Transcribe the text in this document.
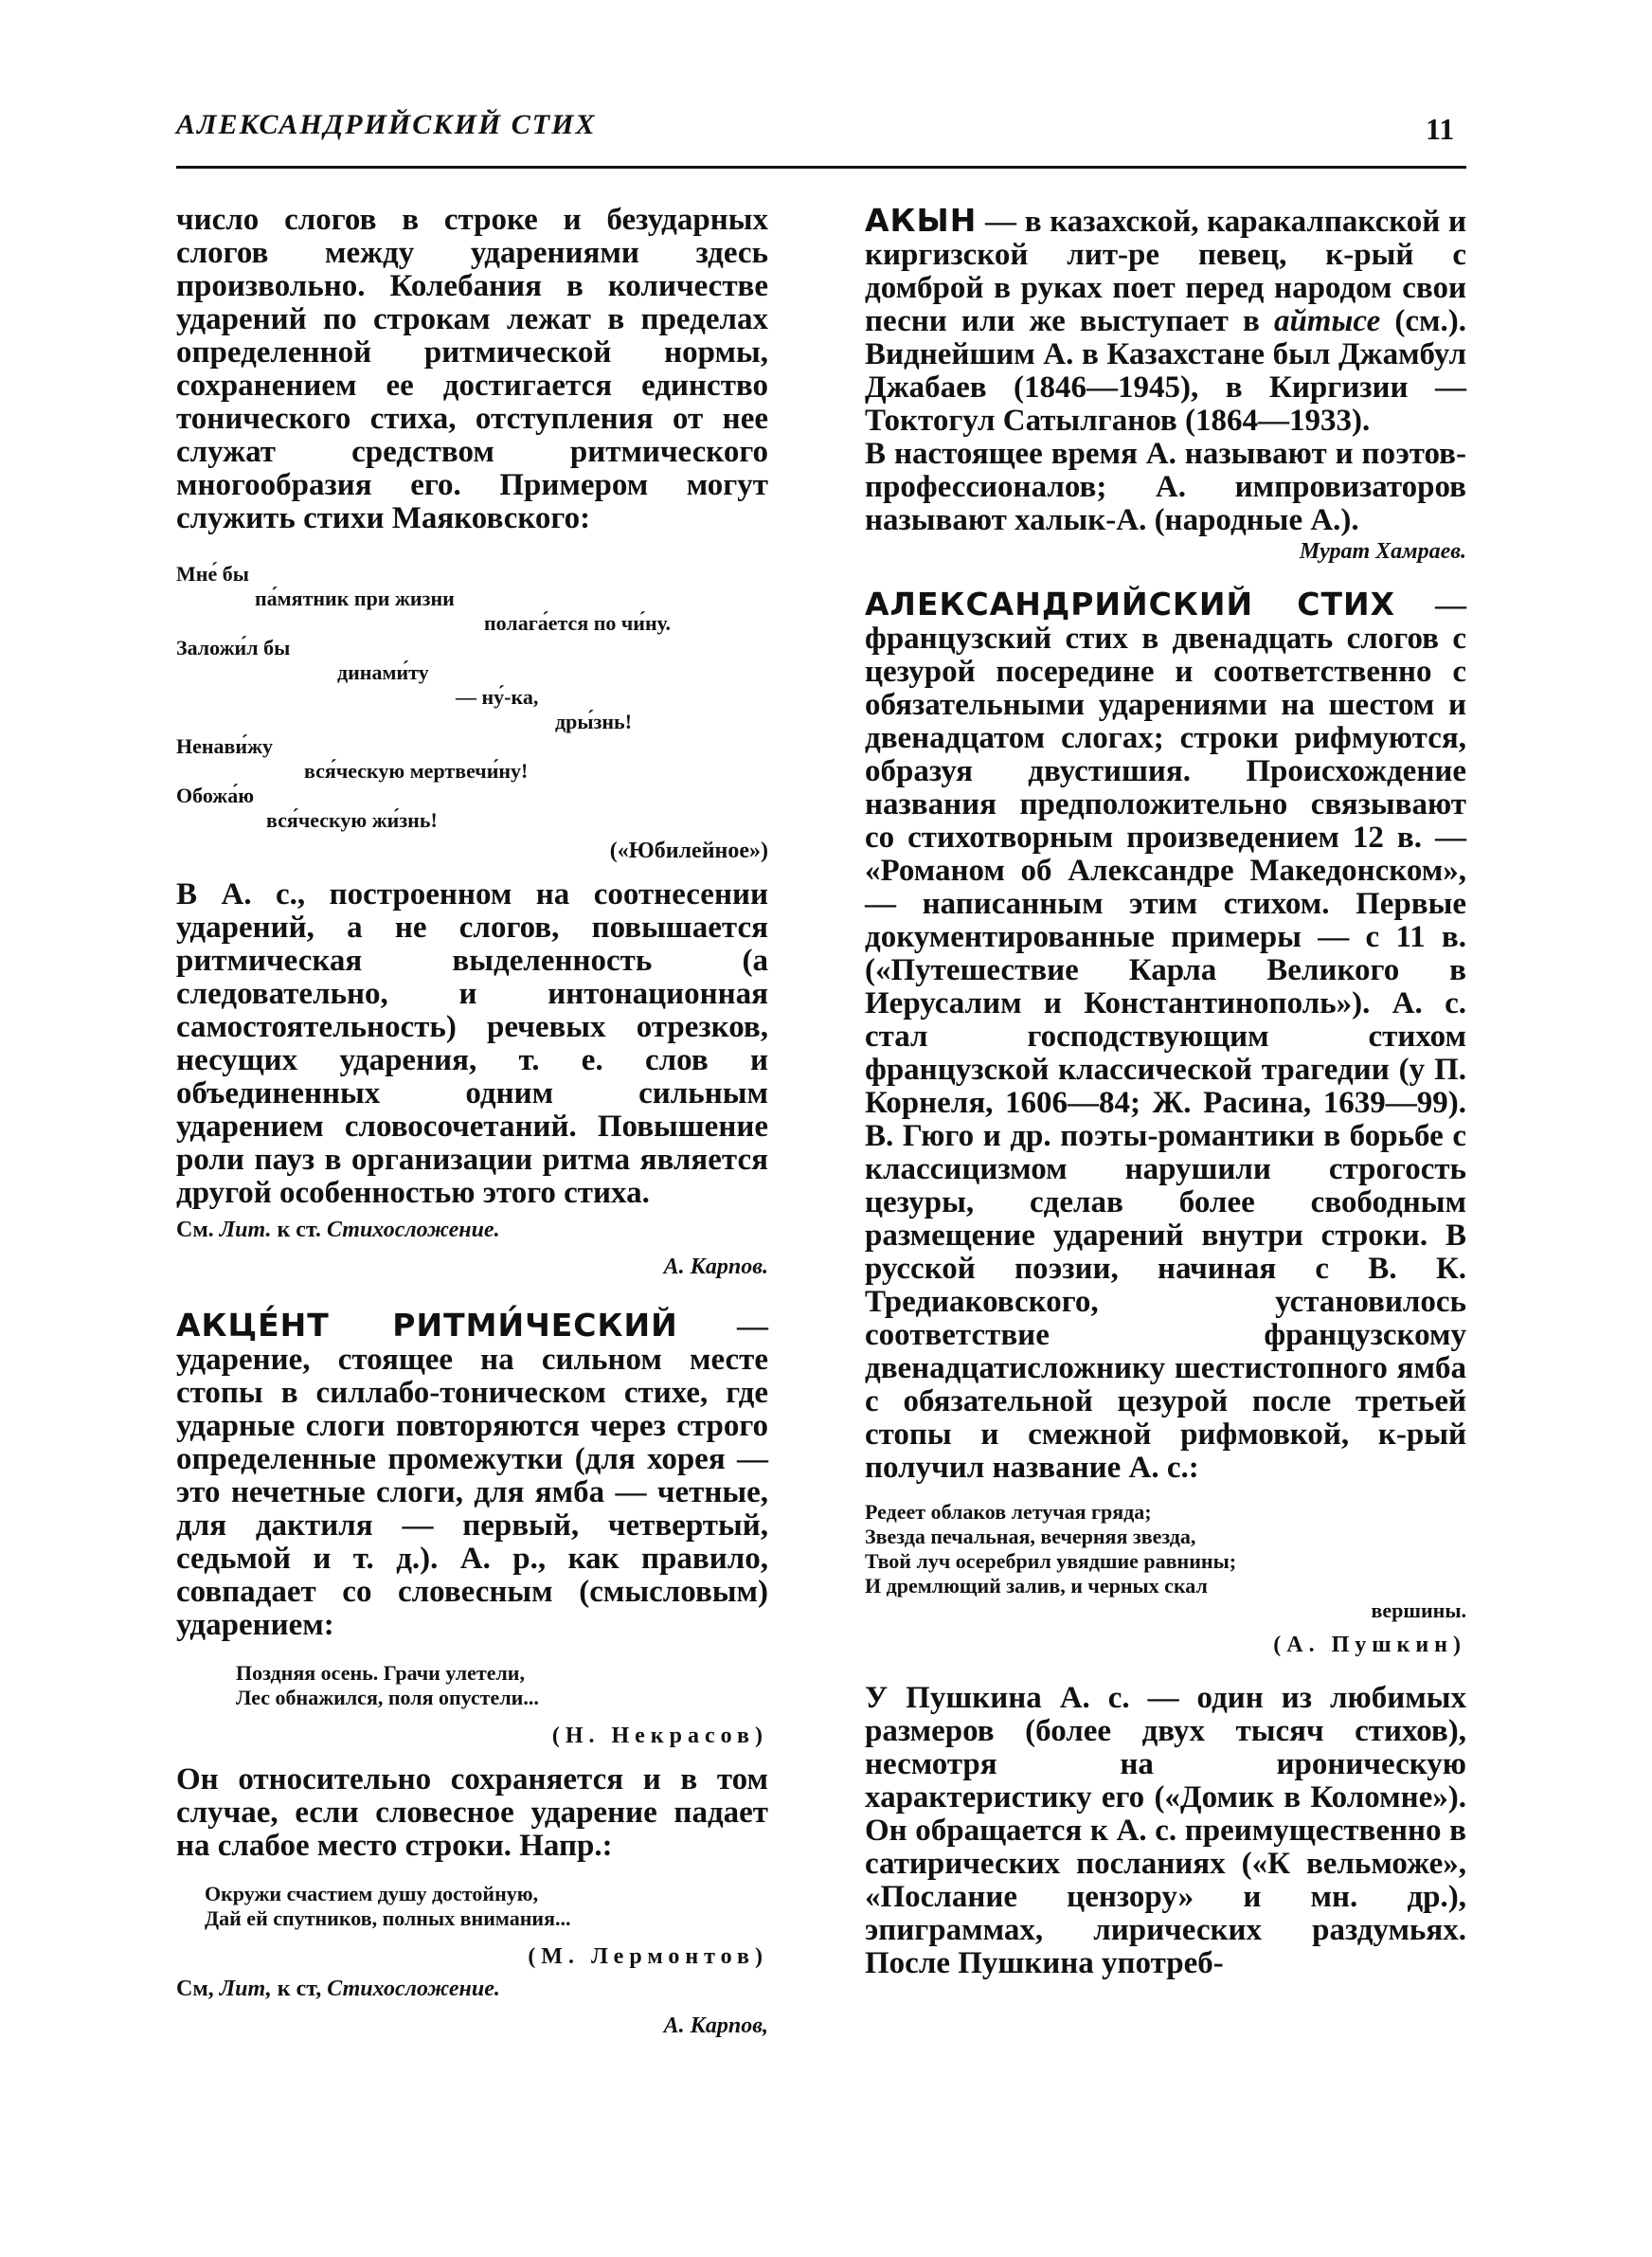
АЛЕКСАНДРИЙСКИЙ СТИХ	11

число слогов в строке и безударных слогов между ударениями здесь произвольно. Колебания в количестве ударений по строкам лежат в пределах определенной ритмической нормы, сохранением ее достигается единство тонического стиха, отступления от нее служат средством ритмического многообразия его. Примером могут служить стихи Маяковского:

Мне́ бы
па́мятник при жизни
полага́ется по чи́ну.
Заложи́л бы
динами́ту
— ну́-ка,
дры́знь!
Ненави́жу
вся́ческую мертвечи́ну!
Обожа́ю
вся́ческую жи́знь!
(«Юбилейное»)

В А. с., построенном на соотнесении ударений, а не слогов, повышается ритмическая выделенность (а следовательно, и интонационная самостоятельность) речевых отрезков, несущих ударения, т. е. слов и объединенных одним сильным ударением словосочетаний. Повышение роли пауз в организации ритма является другой особенностью этого стиха.

См. Лит. к ст. Стихосложение.

А. Карпов.

АКЦЕ́НТ РИТМИ́ЧЕСКИЙ — ударение, стоящее на сильном месте стопы в силлабо-тоническом стихе, где ударные слоги повторяются через строго определенные промежутки (для хорея — это нечетные слоги, для ямба — четные, для дактиля — первый, четвертый, седьмой и т. д.). А. р., как правило, совпадает со словесным (смысловым) ударением:

Поздняя осень. Грачи улетели,
Лес обнажился, поля опустели...
(Н. Некрасов)

Он относительно сохраняется и в том случае, если словесное ударение падает на слабое место строки. Напр.:

Окружи счастием душу достойную,
Дай ей спутников, полных внимания...
(М. Лермонтов)

См, Лит, к ст, Стихосложение.

А. Карпов,

АКЫН — в казахской, каракалпакской и киргизской лит-ре певец, к-рый с домброй в руках поет перед народом свои песни или же выступает в айтысе (см.). Виднейшим А. в Казахстане был Джамбул Джабаев (1846—1945), в Киргизии — Токтогул Сатылганов (1864—1933).

В настоящее время А. называют и поэтов-профессионалов; А. импровизаторов называют халык-А. (народные А.).

Мурат Хамраев.

АЛЕКСАНДРИЙСКИЙ СТИХ — французский стих в двенадцать слогов с цезурой посередине и соответственно с обязательными ударениями на шестом и двенадцатом слогах; строки рифмуются, образуя двустишия. Происхождение названия предположительно связывают со стихотворным произведением 12 в. — «Романом об Александре Македонском», — написанным этим стихом. Первые документированные примеры — с 11 в. («Путешествие Карла Великого в Иерусалим и Константинополь»). А. с. стал господствующим стихом французской классической трагедии (у П. Корнеля, 1606—84; Ж. Расина, 1639—99). В. Гюго и др. поэты-романтики в борьбе с классицизмом нарушили строгость цезуры, сделав более свободным размещение ударений внутри строки. В русской поэзии, начиная с В. К. Тредиаковского, установилось соответствие французскому двенадцатисложнику шестистопного ямба с обязательной цезурой после третьей стопы и смежной рифмовкой, к-рый получил название А. с.:

Редеет облаков летучая гряда;
Звезда печальная, вечерняя звезда,
Твой луч осеребрил увядшие равнины;
И дремлющий залив, и черных скал
вершины.
(А. Пушкин)

У Пушкина А. с. — один из любимых размеров (более двух тысяч стихов), несмотря на ироническую характеристику его («Домик в Коломне»). Он обращается к А. с. преимущественно в сатирических посланиях («К вельможе», «Послание цензору» и мн. др.), эпиграммах, лирических раздумьях. После Пушкина употреб-
